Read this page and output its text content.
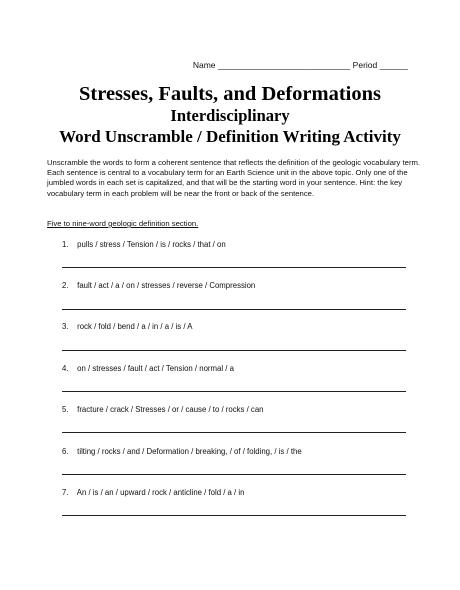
Name ____________________________ Period ______
Stresses, Faults, and Deformations
Interdisciplinary
Word Unscramble / Definition Writing Activity
Unscramble the words to form a coherent sentence that reflects the definition of the geologic vocabulary term. Each sentence is central to a vocabulary term for an Earth Science unit in the above topic. Only one of the jumbled words in each set is capitalized, and that will be the starting word in your sentence. Hint: the key vocabulary term in each problem will be near the front or back of the sentence.
Five to nine-word geologic definition section.
1. pulls / stress / Tension / is / rocks / that / on
2. fault / act / a / on / stresses / reverse / Compression
3. rock / fold / bend / a / in / a / is / A
4. on / stresses / fault / act / Tension / normal / a
5. fracture / crack / Stresses / or / cause / to / rocks / can
6. tilting / rocks / and / Deformation / breaking, / of / folding, / is / the
7. An / is / an / upward / rock / anticline / fold / a / in
